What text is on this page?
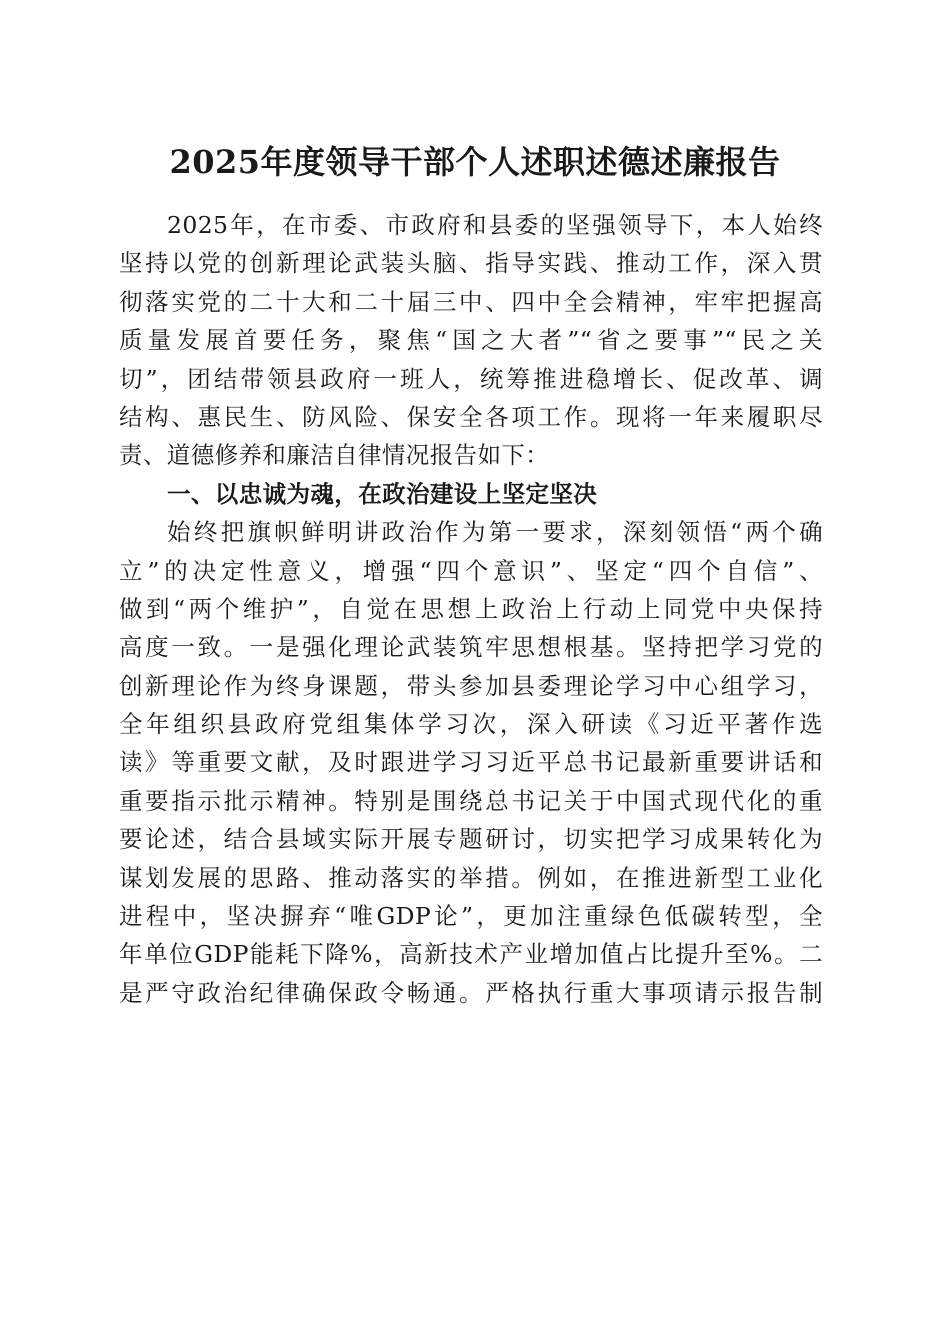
2025年度领导干部个人述职述德述廉报告
2025年，在市委、市政府和县委的坚强领导下，本人始终
坚持以党的创新理论武装头脑、指导实践、推动工作，深入贯
彻落实党的二十大和二十届三中、四中全会精神，牢牢把握高
质量发展首要任务，聚焦“国之大者”“省之要事”“民之关
切”，团结带领县政府一班人，统筹推进稳增长、促改革、调
结构、惠民生、防风险、保安全各项工作。现将一年来履职尽
责、道德修养和廉洁自律情况报告如下：
一、以忠诚为魂，在政治建设上坚定坚决
始终把旗帜鲜明讲政治作为第一要求，深刻领悟“两个确
立”的决定性意义，增强“四个意识”、坚定“四个自信”、
做到“两个维护”，自觉在思想上政治上行动上同党中央保持
高度一致。一是强化理论武装筑牢思想根基。坚持把学习党的
创新理论作为终身课题，带头参加县委理论学习中心组学习，
全年组织县政府党组集体学习次，深入研读《习近平著作选
读》等重要文献，及时跟进学习习近平总书记最新重要讲话和
重要指示批示精神。特别是围绕总书记关于中国式现代化的重
要论述，结合县域实际开展专题研讨，切实把学习成果转化为
谋划发展的思路、推动落实的举措。例如，在推进新型工业化
进程中，坚决摒弃“唯GDP论”，更加注重绿色低碳转型，全
年单位GDP能耗下降%，高新技术产业增加值占比提升至%。二
是严守政治纪律确保政令畅通。严格执行重大事项请示报告制
